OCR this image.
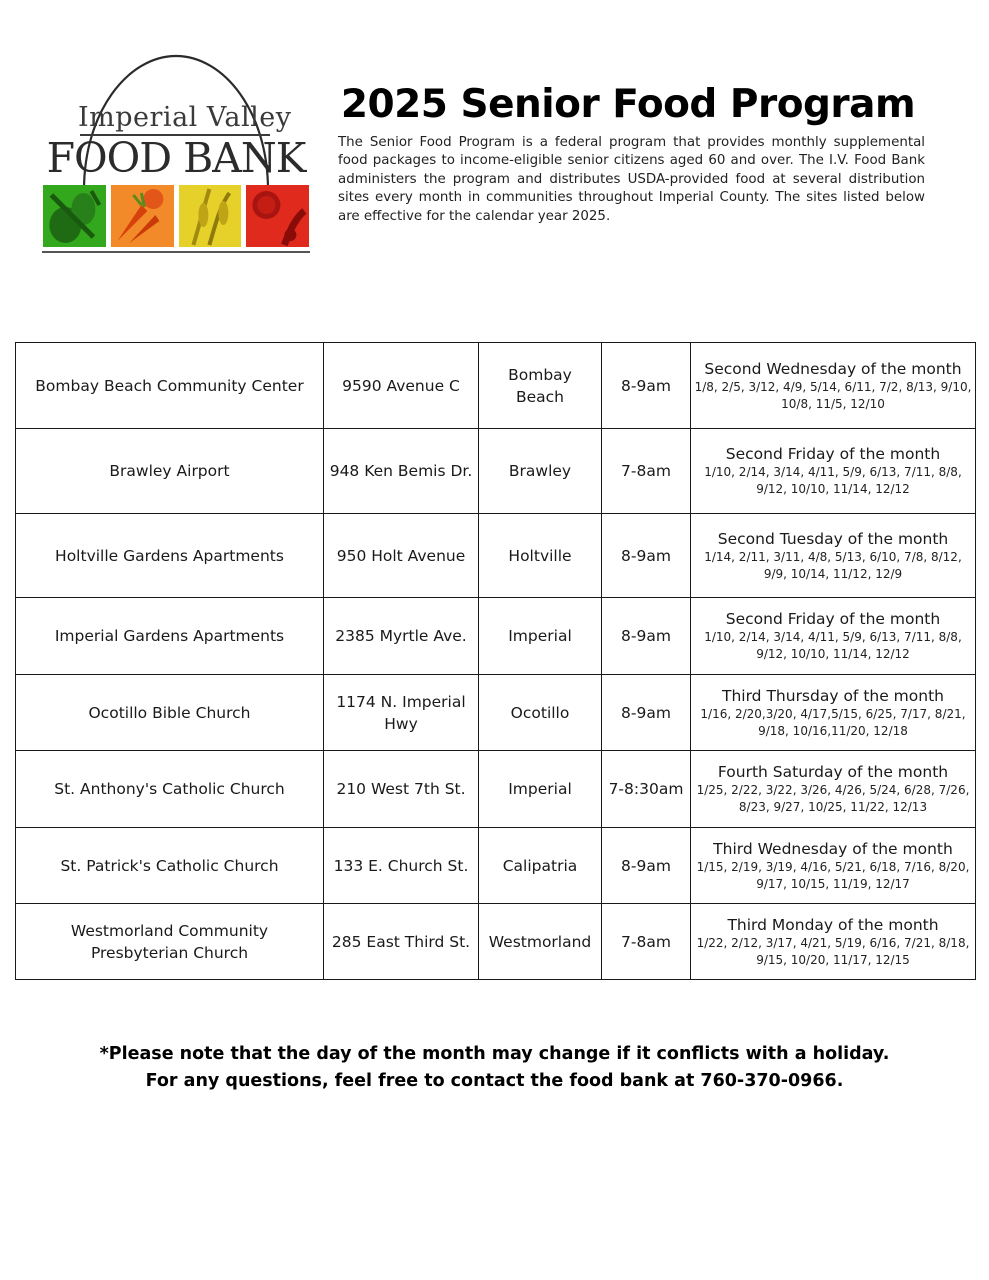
Imperial Valley
FOOD BANK
2025 Senior Food Program
The Senior Food Program is a federal program that provides monthly supplemental food packages to income-eligible senior citizens aged 60 and over. The I.V. Food Bank administers the program and distributes USDA-provided food at several distribution sites every month in communities throughout Imperial County. The sites listed below are effective for the calendar year 2025.
Bombay Beach Community Center	9590 Avenue C	Bombay Beach	8-9am	Second Wednesday of the month
1/8, 2/5, 3/12, 4/9, 5/14, 6/11, 7/2, 8/13, 9/10, 10/8, 11/5, 12/10

Brawley Airport	948 Ken Bemis Dr.	Brawley	7-8am	Second Friday of the month
1/10, 2/14, 3/14, 4/11, 5/9, 6/13, 7/11, 8/8, 9/12, 10/10, 11/14, 12/12

Holtville Gardens Apartments	950 Holt Avenue	Holtville	8-9am	Second Tuesday of the month
1/14, 2/11, 3/11, 4/8, 5/13, 6/10, 7/8, 8/12, 9/9, 10/14, 11/12, 12/9

Imperial Gardens Apartments	2385 Myrtle Ave.	Imperial	8-9am	Second Friday of the month
1/10, 2/14, 3/14, 4/11, 5/9, 6/13, 7/11, 8/8, 9/12, 10/10, 11/14, 12/12

Ocotillo Bible Church	1174 N. Imperial Hwy	Ocotillo	8-9am	Third Thursday of the month
1/16, 2/20,3/20, 4/17,5/15, 6/25, 7/17, 8/21, 9/18, 10/16,11/20, 12/18

St. Anthony's Catholic Church	210 West 7th St.	Imperial	7-8:30am	Fourth Saturday of the month
1/25, 2/22, 3/22, 3/26, 4/26, 5/24, 6/28, 7/26, 8/23, 9/27, 10/25, 11/22, 12/13

St. Patrick's Catholic Church	133 E. Church St.	Calipatria	8-9am	Third Wednesday of the month
1/15, 2/19, 3/19, 4/16, 5/21, 6/18, 7/16, 8/20, 9/17, 10/15, 11/19, 12/17

Westmorland Community Presbyterian Church	285 East Third St.	Westmorland	7-8am	Third Monday of the month
1/22, 2/12, 3/17, 4/21, 5/19, 6/16, 7/21, 8/18, 9/15, 10/20, 11/17, 12/15
*Please note that the day of the month may change if it conflicts with a holiday.
For any questions, feel free to contact the food bank at 760-370-0966.
